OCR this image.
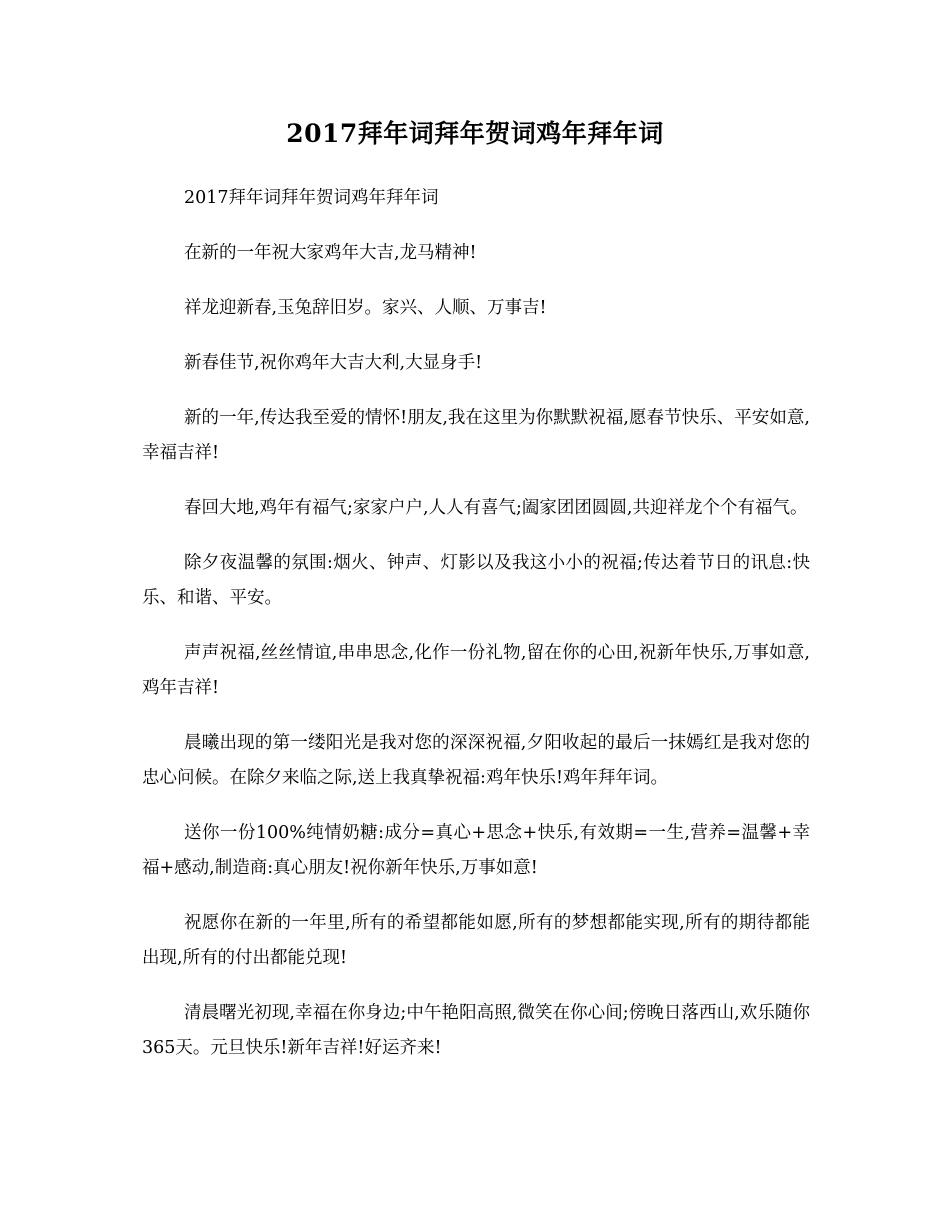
2017拜年词拜年贺词鸡年拜年词

2017拜年词拜年贺词鸡年拜年词

在新的一年祝大家鸡年大吉,龙马精神!

祥龙迎新春,玉兔辞旧岁。家兴、人顺、万事吉!

新春佳节,祝你鸡年大吉大利,大显身手!

新的一年,传达我至爱的情怀!朋友,我在这里为你默默祝福,愿春节快乐、平安如意,幸福吉祥!

春回大地,鸡年有福气;家家户户,人人有喜气;阖家团团圆圆,共迎祥龙个个有福气。

除夕夜温馨的氛围:烟火、钟声、灯影以及我这小小的祝福;传达着节日的讯息:快乐、和谐、平安。

声声祝福,丝丝情谊,串串思念,化作一份礼物,留在你的心田,祝新年快乐,万事如意,鸡年吉祥!

晨曦出现的第一缕阳光是我对您的深深祝福,夕阳收起的最后一抹嫣红是我对您的忠心问候。在除夕来临之际,送上我真挚祝福:鸡年快乐!鸡年拜年词。

送你一份100%纯情奶糖:成分=真心+思念+快乐,有效期=一生,营养=温馨+幸福+感动,制造商:真心朋友!祝你新年快乐,万事如意!

祝愿你在新的一年里,所有的希望都能如愿,所有的梦想都能实现,所有的期待都能出现,所有的付出都能兑现!

清晨曙光初现,幸福在你身边;中午艳阳高照,微笑在你心间;傍晚日落西山,欢乐随你365天。元旦快乐!新年吉祥!好运齐来!
